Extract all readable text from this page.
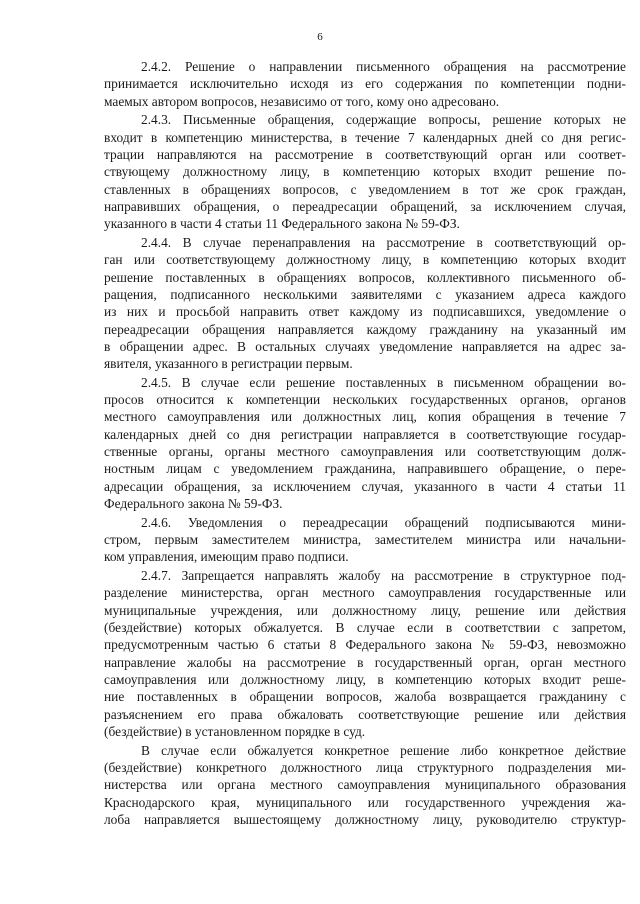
6
2.4.2. Решение о направлении письменного обращения на рассмотрение
принимается исключительно исходя из его содержания по компетенции подни-
маемых автором вопросов, независимо от того, кому оно адресовано.
2.4.3. Письменные обращения, содержащие вопросы, решение которых не
входит в компетенцию министерства, в течение 7 календарных дней со дня регис-
трации направляются на рассмотрение в соответствующий орган или соответ-
ствующему должностному лицу, в компетенцию которых входит решение по-
ставленных в обращениях вопросов, с уведомлением в тот же срок граждан,
направивших обращения, о переадресации обращений, за исключением случая,
указанного в части 4 статьи 11 Федерального закона № 59-ФЗ.
2.4.4. В случае перенаправления на рассмотрение в соответствующий ор-
ган или соответствующему должностному лицу, в компетенцию которых входит
решение поставленных в обращениях вопросов, коллективного письменного об-
ращения, подписанного несколькими заявителями с указанием адреса каждого
из них и просьбой направить ответ каждому из подписавшихся, уведомление о
переадресации обращения направляется каждому гражданину на указанный им
в обращении адрес. В остальных случаях уведомление направляется на адрес за-
явителя, указанного в регистрации первым.
2.4.5. В случае если решение поставленных в письменном обращении во-
просов относится к компетенции нескольких государственных органов, органов
местного самоуправления или должностных лиц, копия обращения в течение 7
календарных дней со дня регистрации направляется в соответствующие государ-
ственные органы, органы местного самоуправления или соответствующим долж-
ностным лицам с уведомлением гражданина, направившего обращение, о пере-
адресации обращения, за исключением случая, указанного в части 4 статьи 11
Федерального закона № 59-ФЗ.
2.4.6. Уведомления о переадресации обращений подписываются мини-
стром, первым заместителем министра, заместителем министра или начальни-
ком управления, имеющим право подписи.
2.4.7. Запрещается направлять жалобу на рассмотрение в структурное под-
разделение министерства, орган местного самоуправления государственные или
муниципальные учреждения, или должностному лицу, решение или действия
(бездействие) которых обжалуется. В случае если в соответствии с запретом,
предусмотренным частью 6 статьи 8 Федерального закона № 59-ФЗ, невозможно
направление жалобы на рассмотрение в государственный орган, орган местного
самоуправления или должностному лицу, в компетенцию которых входит реше-
ние поставленных в обращении вопросов, жалоба возвращается гражданину с
разъяснением его права обжаловать соответствующие решение или действия
(бездействие) в установленном порядке в суд.
В случае если обжалуется конкретное решение либо конкретное действие
(бездействие) конкретного должностного лица структурного подразделения ми-
нистерства или органа местного самоуправления муниципального образования
Краснодарского края, муниципального или государственного учреждения жа-
лоба направляется вышестоящему должностному лицу, руководителю структур-
